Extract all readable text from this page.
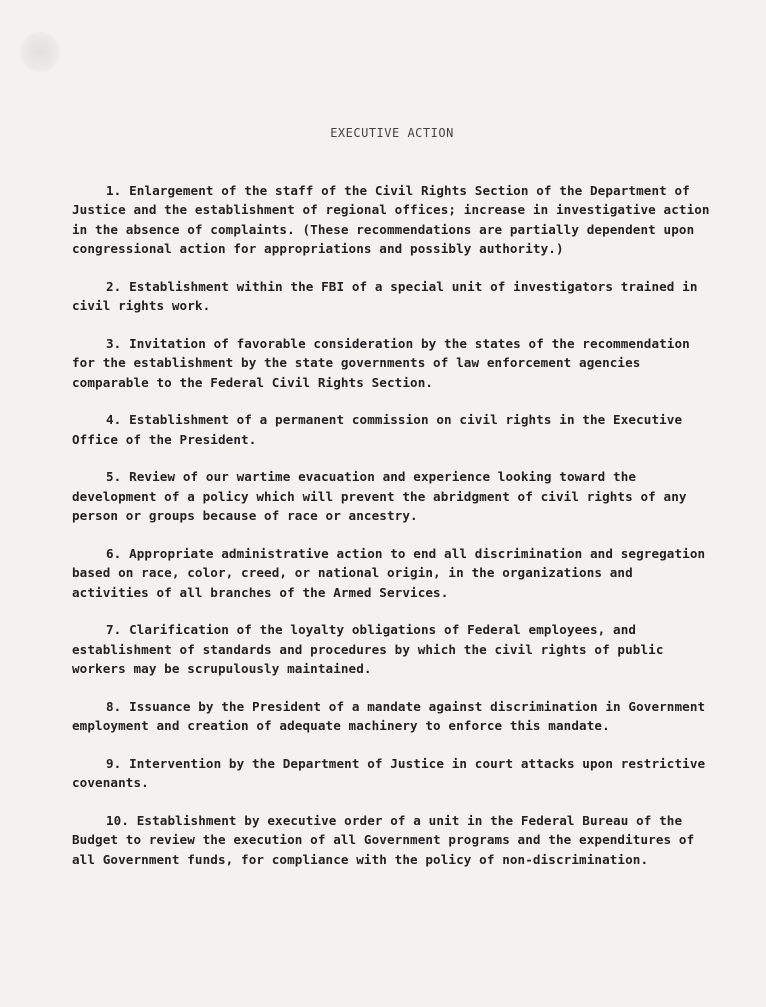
EXECUTIVE ACTION

1. Enlargement of the staff of the Civil Rights Section of the Department of Justice and the establishment of regional offices; increase in investigative action in the absence of complaints. (These recommendations are partially dependent upon congressional action for appropriations and possibly authority.)

2. Establishment within the FBI of a special unit of investigators trained in civil rights work.

3. Invitation of favorable consideration by the states of the recommendation for the establishment by the state governments of law enforcement agencies comparable to the Federal Civil Rights Section.

4. Establishment of a permanent commission on civil rights in the Executive Office of the President.

5. Review of our wartime evacuation and experience looking toward the development of a policy which will prevent the abridgment of civil rights of any person or groups because of race or ancestry.

6. Appropriate administrative action to end all discrimination and segregation based on race, color, creed, or national origin, in the organizations and activities of all branches of the Armed Services.

7. Clarification of the loyalty obligations of Federal employees, and establishment of standards and procedures by which the civil rights of public workers may be scrupulously maintained.

8. Issuance by the President of a mandate against discrimination in Government employment and creation of adequate machinery to enforce this mandate.

9. Intervention by the Department of Justice in court attacks upon restrictive covenants.

10. Establishment by executive order of a unit in the Federal Bureau of the Budget to review the execution of all Government programs and the expenditures of all Government funds, for compliance with the policy of non-discrimination.
